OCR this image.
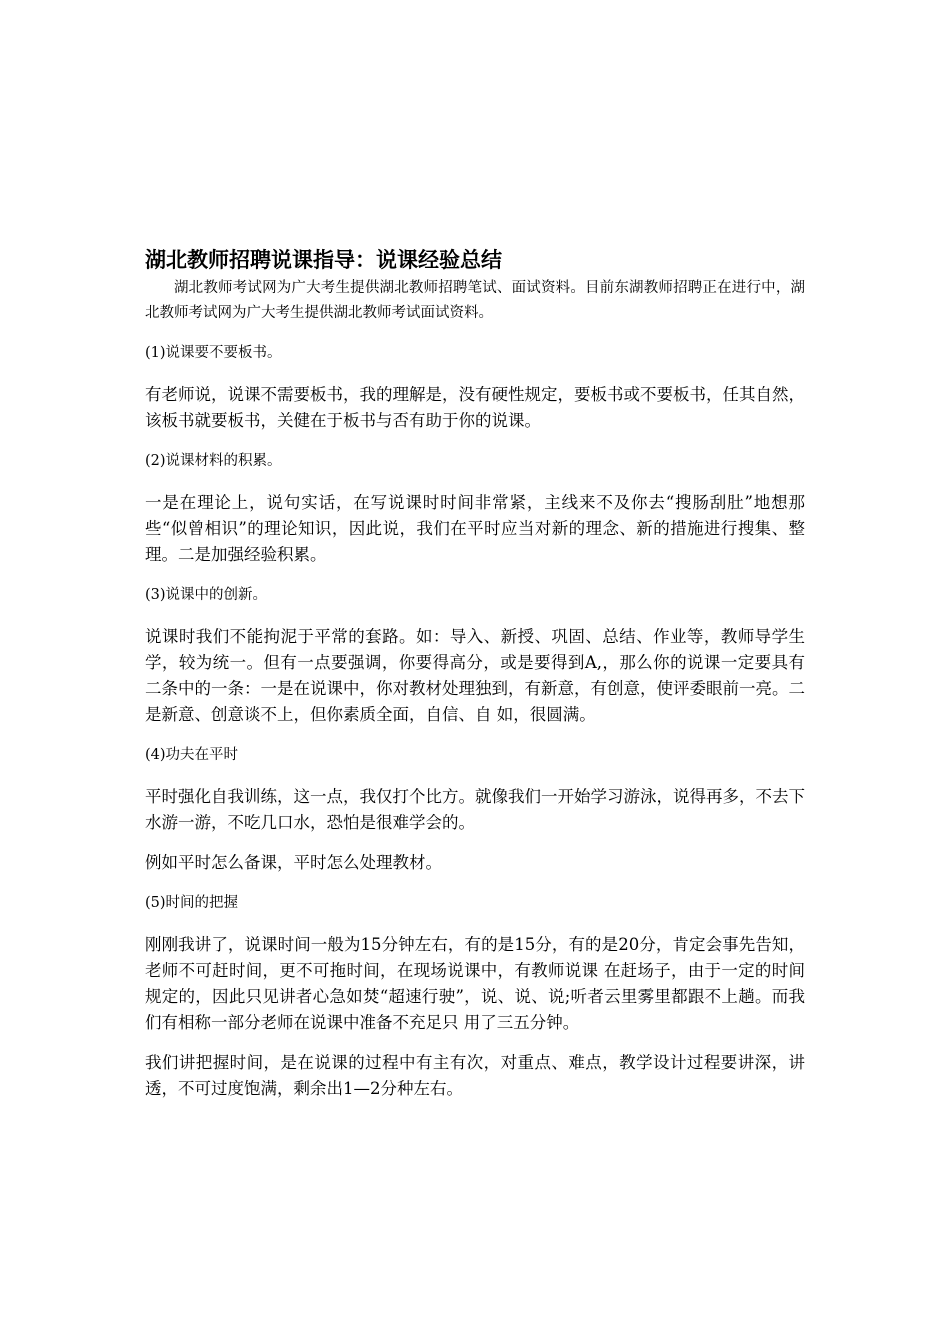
湖北教师招聘说课指导：说课经验总结

湖北教师考试网为广大考生提供湖北教师招聘笔试、面试资料。目前东湖教师招聘正在进行中，湖北教师考试网为广大考生提供湖北教师考试面试资料。

(1)说课要不要板书。

有老师说，说课不需要板书，我的理解是，没有硬性规定，要板书或不要板书，任其自然，该板书就要板书，关健在于板书与否有助于你的说课。

(2)说课材料的积累。

一是在理论上，说句实话，在写说课时时间非常紧，主线来不及你去“搜肠刮肚”地想那些“似曾相识”的理论知识，因此说，我们在平时应当对新的理念、新的措施进行搜集、整理。二是加强经验积累。

(3)说课中的创新。

说课时我们不能拘泥于平常的套路。如：导入、新授、巩固、总结、作业等，教师导学生学，较为统一。但有一点要强调，你要得高分，或是要得到A,，那么你的说课一定要具有二条中的一条：一是在说课中，你对教材处理独到，有新意，有创意，使评委眼前一亮。二是新意、创意谈不上，但你素质全面，自信、自 如，很圆满。

(4)功夫在平时

平时强化自我训练，这一点，我仅打个比方。就像我们一开始学习游泳，说得再多，不去下水游一游，不吃几口水，恐怕是很难学会的。

例如平时怎么备课，平时怎么处理教材。

(5)时间的把握

刚刚我讲了，说课时间一般为15分钟左右，有的是15分，有的是20分，肯定会事先告知，老师不可赶时间，更不可拖时间，在现场说课中，有教师说课 在赶场子，由于一定的时间规定的，因此只见讲者心急如焚“超速行驶”，说、说、说;听者云里雾里都跟不上趟。而我们有相称一部分老师在说课中准备不充足只 用了三五分钟。

我们讲把握时间，是在说课的过程中有主有次，对重点、难点，教学设计过程要讲深，讲透，不可过度饱满，剩余出1—2分种左右。
